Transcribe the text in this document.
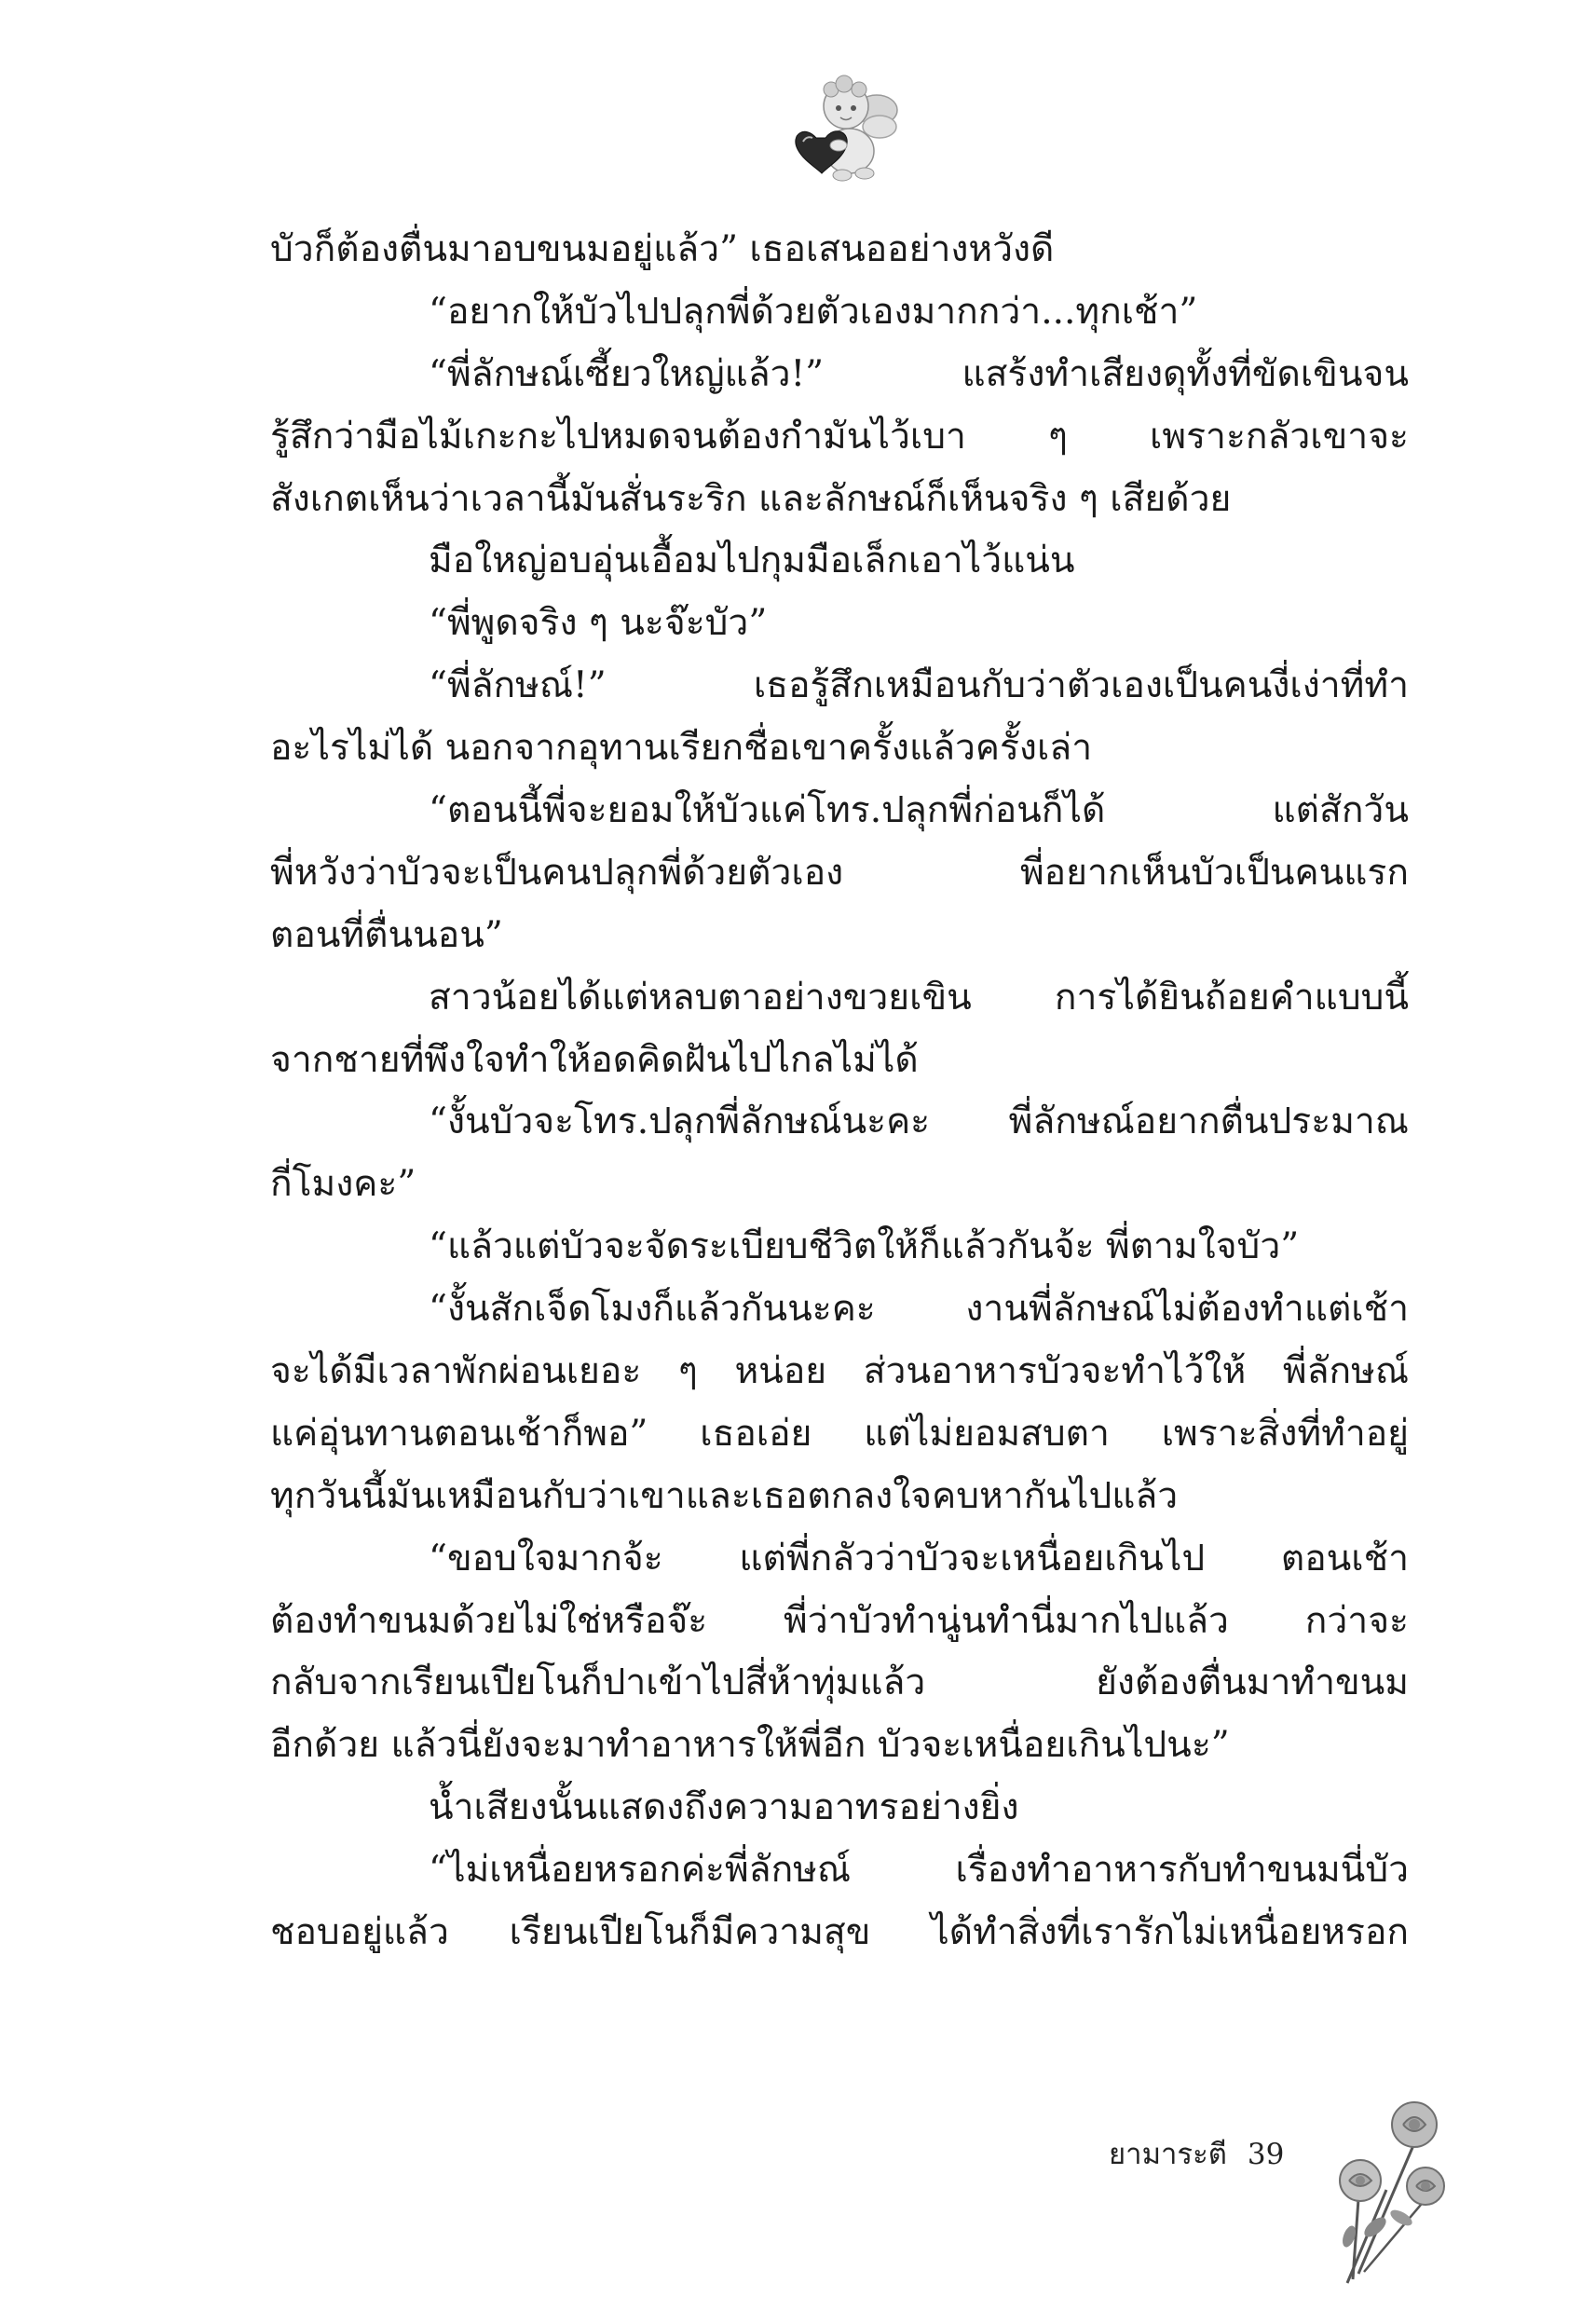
บัวก็ต้องตื่นมาอบขนมอยู่แล้ว” เธอเสนออย่างหวังดี
“อยากให้บัวไปปลุกพี่ด้วยตัวเองมากกว่า...ทุกเช้า”
“พี่ลักษณ์เซี้ยวใหญ่แล้ว!” แสร้งทำเสียงดุทั้งที่ขัดเขินจน
รู้สึกว่ามือไม้เกะกะไปหมดจนต้องกำมันไว้เบา ๆ เพราะกลัวเขาจะ
สังเกตเห็นว่าเวลานี้มันสั่นระริก และลักษณ์ก็เห็นจริง ๆ เสียด้วย
มือใหญ่อบอุ่นเอื้อมไปกุมมือเล็กเอาไว้แน่น
“พี่พูดจริง ๆ นะจ๊ะบัว”
“พี่ลักษณ์!” เธอรู้สึกเหมือนกับว่าตัวเองเป็นคนงี่เง่าที่ทำ
อะไรไม่ได้ นอกจากอุทานเรียกชื่อเขาครั้งแล้วครั้งเล่า
“ตอนนี้พี่จะยอมให้บัวแค่โทร.ปลุกพี่ก่อนก็ได้ แต่สักวัน
พี่หวังว่าบัวจะเป็นคนปลุกพี่ด้วยตัวเอง พี่อยากเห็นบัวเป็นคนแรก
ตอนที่ตื่นนอน”
สาวน้อยได้แต่หลบตาอย่างขวยเขิน การได้ยินถ้อยคำแบบนี้
จากชายที่พึงใจทำให้อดคิดฝันไปไกลไม่ได้
“งั้นบัวจะโทร.ปลุกพี่ลักษณ์นะคะ พี่ลักษณ์อยากตื่นประมาณ
กี่โมงคะ”
“แล้วแต่บัวจะจัดระเบียบชีวิตให้ก็แล้วกันจ้ะ พี่ตามใจบัว”
“งั้นสักเจ็ดโมงก็แล้วกันนะคะ งานพี่ลักษณ์ไม่ต้องทำแต่เช้า
จะได้มีเวลาพักผ่อนเยอะ ๆ หน่อย ส่วนอาหารบัวจะทำไว้ให้ พี่ลักษณ์
แค่อุ่นทานตอนเช้าก็พอ” เธอเอ่ย แต่ไม่ยอมสบตา เพราะสิ่งที่ทำอยู่
ทุกวันนี้มันเหมือนกับว่าเขาและเธอตกลงใจคบหากันไปแล้ว
“ขอบใจมากจ้ะ แต่พี่กลัวว่าบัวจะเหนื่อยเกินไป ตอนเช้า
ต้องทำขนมด้วยไม่ใช่หรือจ๊ะ พี่ว่าบัวทำนู่นทำนี่มากไปแล้ว กว่าจะ
กลับจากเรียนเปียโนก็ปาเข้าไปสี่ห้าทุ่มแล้ว ยังต้องตื่นมาทำขนม
อีกด้วย แล้วนี่ยังจะมาทำอาหารให้พี่อีก บัวจะเหนื่อยเกินไปนะ”
น้ำเสียงนั้นแสดงถึงความอาทรอย่างยิ่ง
“ไม่เหนื่อยหรอกค่ะพี่ลักษณ์ เรื่องทำอาหารกับทำขนมนี่บัว
ชอบอยู่แล้ว เรียนเปียโนก็มีความสุข ได้ทำสิ่งที่เรารักไม่เหนื่อยหรอก
ยามาระตี 39
